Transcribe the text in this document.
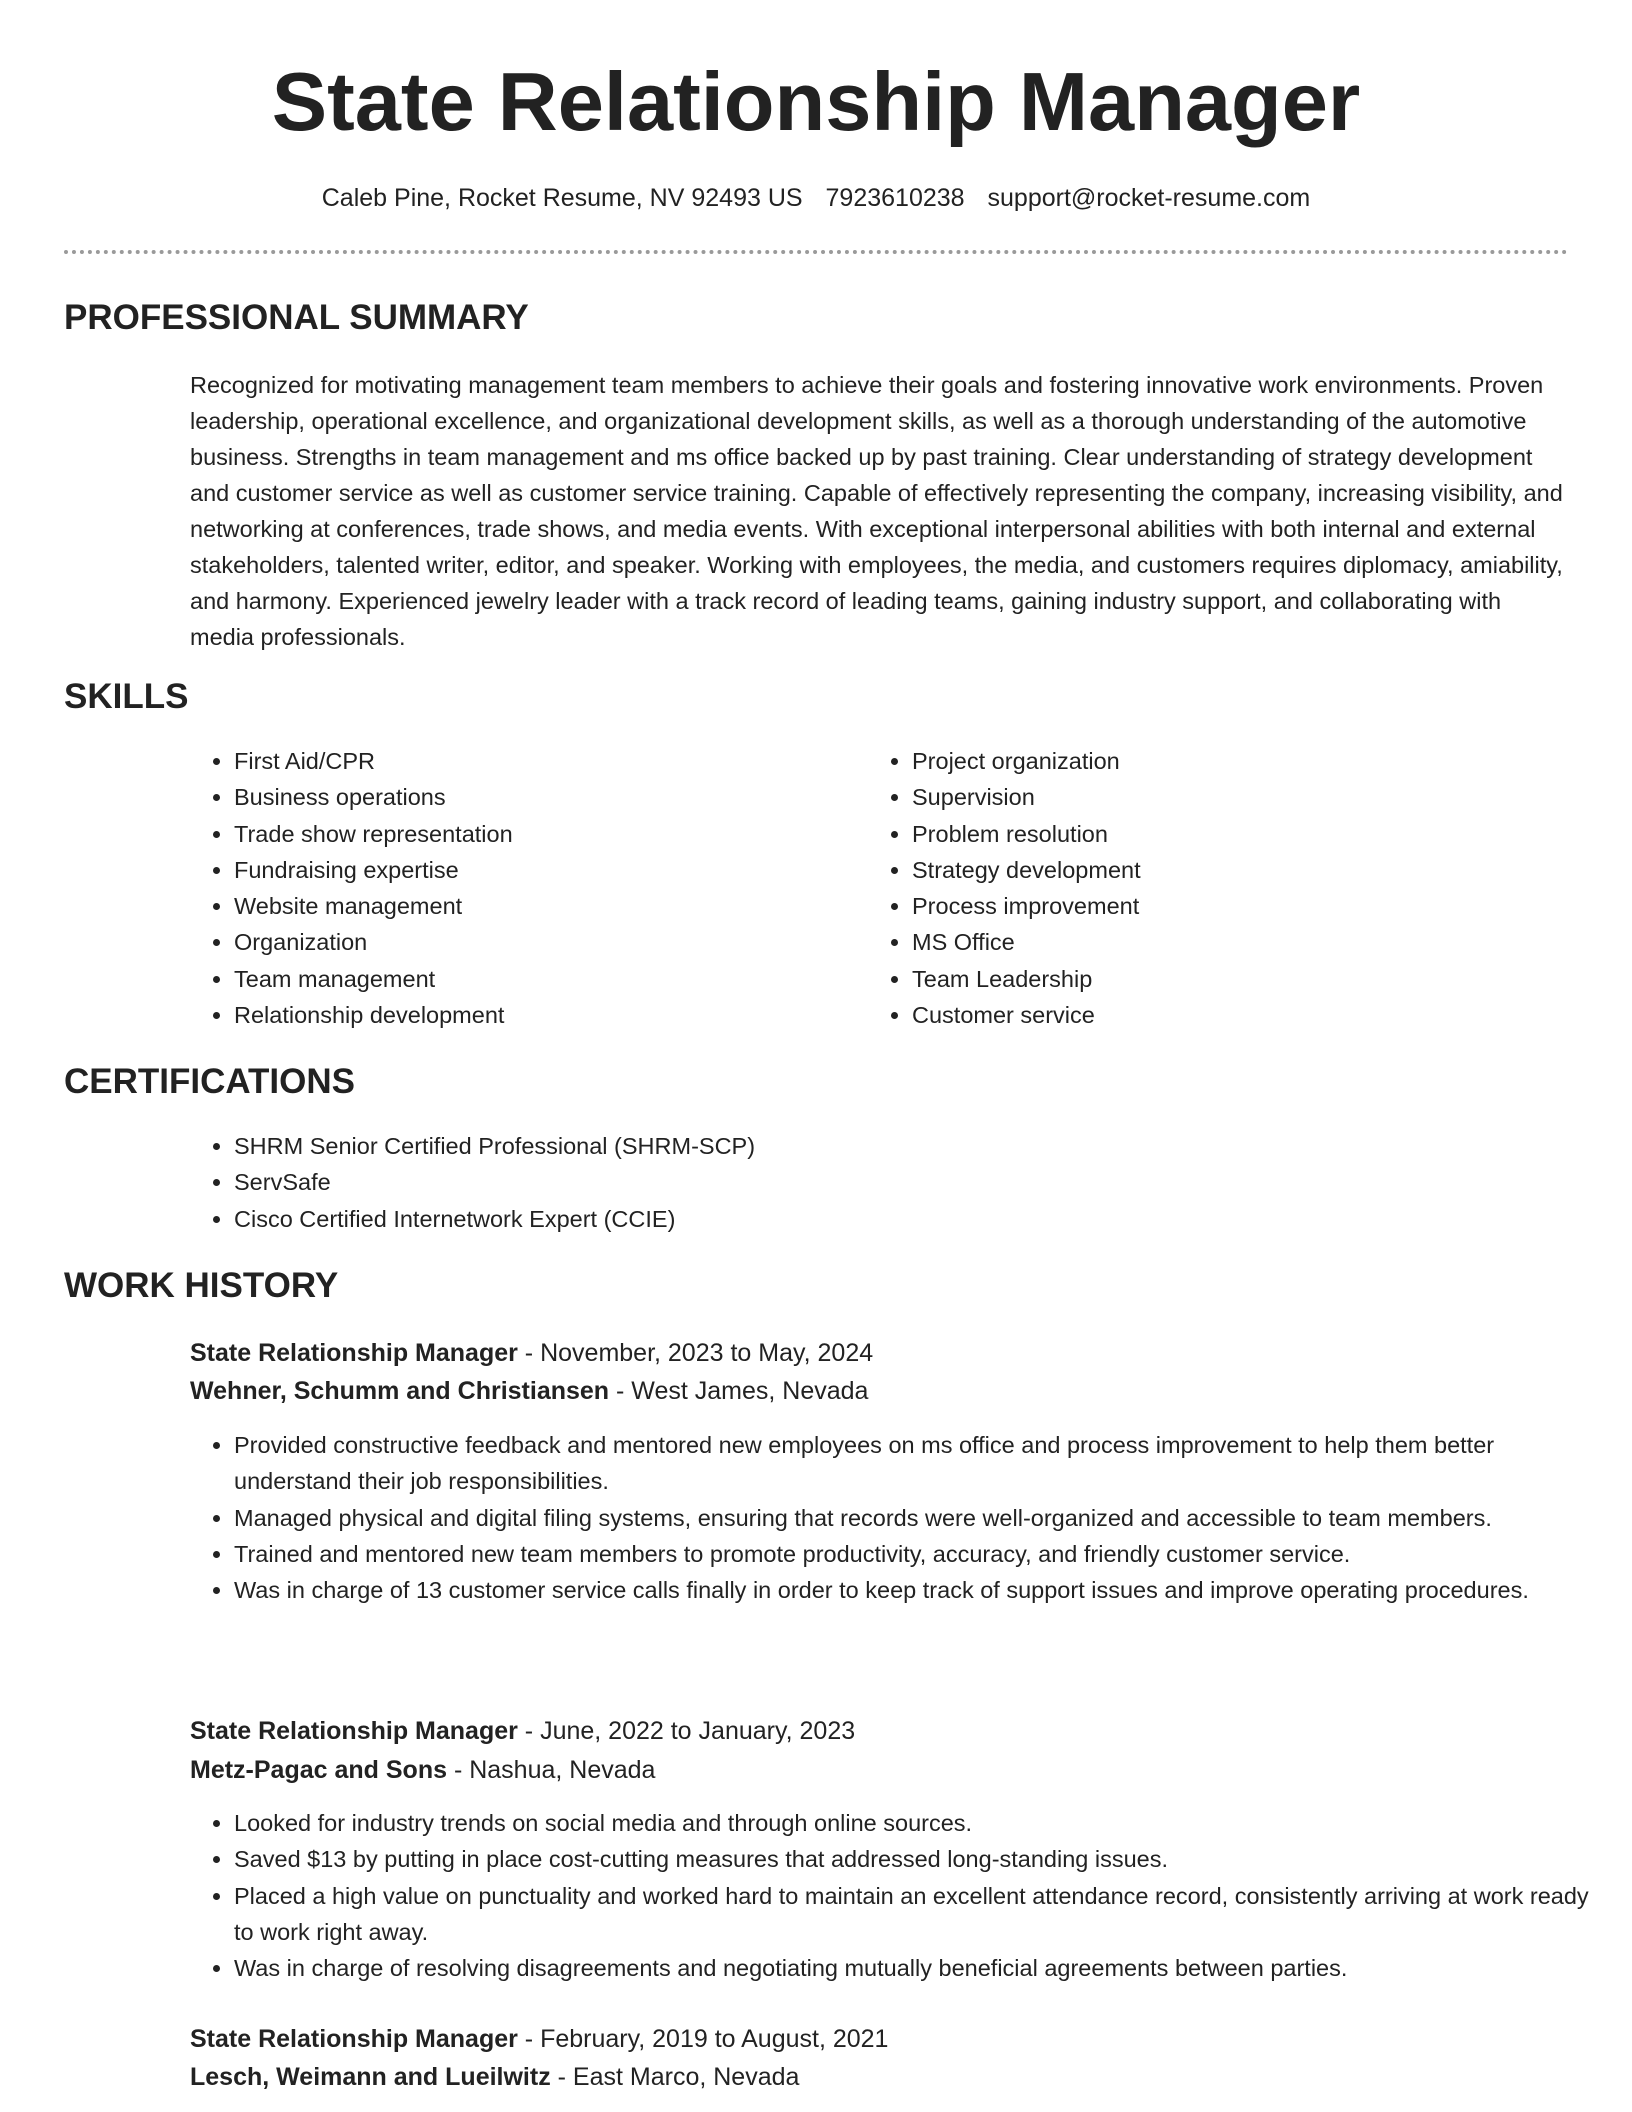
State Relationship Manager
Caleb Pine, Rocket Resume, NV 92493 US 7923610238 support@rocket-resume.com
PROFESSIONAL SUMMARY

Recognized for motivating management team members to achieve their goals and fostering innovative work environments. Proven leadership, operational excellence, and organizational development skills, as well as a thorough understanding of the automotive business. Strengths in team management and ms office backed up by past training. Clear understanding of strategy development and customer service as well as customer service training. Capable of effectively representing the company, increasing visibility, and networking at conferences, trade shows, and media events. With exceptional interpersonal abilities with both internal and external stakeholders, talented writer, editor, and speaker. Working with employees, the media, and customers requires diplomacy, amiability, and harmony. Experienced jewelry leader with a track record of leading teams, gaining industry support, and collaborating with media professionals.

SKILLS
• First Aid/CPR
• Business operations
• Trade show representation
• Fundraising expertise
• Website management
• Organization
• Team management
• Relationship development
• Project organization
• Supervision
• Problem resolution
• Strategy development
• Process improvement
• MS Office
• Team Leadership
• Customer service
CERTIFICATIONS
• SHRM Senior Certified Professional (SHRM-SCP)
• ServSafe
• Cisco Certified Internetwork Expert (CCIE)
WORK HISTORY

State Relationship Manager - November, 2023 to May, 2024

Wehner, Schumm and Christiansen - West James, Nevada

• Provided constructive feedback and mentored new employees on ms office and process improvement to help them better understand their job responsibilities.
• Managed physical and digital filing systems, ensuring that records were well-organized and accessible to team members.
• Trained and mentored new team members to promote productivity, accuracy, and friendly customer service.
• Was in charge of 13 customer service calls finally in order to keep track of support issues and improve operating procedures.

State Relationship Manager - June, 2022 to January, 2023

Metz-Pagac and Sons - Nashua, Nevada

• Looked for industry trends on social media and through online sources.
• Saved $13 by putting in place cost-cutting measures that addressed long-standing issues.
• Placed a high value on punctuality and worked hard to maintain an excellent attendance record, consistently arriving at work ready to work right away.
• Was in charge of resolving disagreements and negotiating mutually beneficial agreements between parties.

State Relationship Manager - February, 2019 to August, 2021

Lesch, Weimann and Lueilwitz - East Marco, Nevada
